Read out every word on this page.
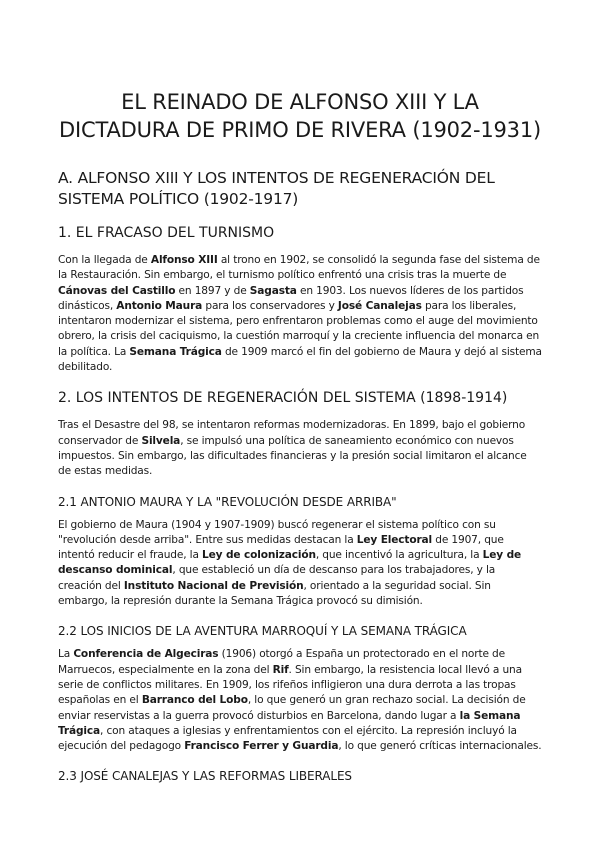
EL REINADO DE ALFONSO XIII Y LA DICTADURA DE PRIMO DE RIVERA (1902-1931)
A. ALFONSO XIII Y LOS INTENTOS DE REGENERACIÓN DEL SISTEMA POLÍTICO (1902-1917)
1. EL FRACASO DEL TURNISMO

Con la llegada de Alfonso XIII al trono en 1902, se consolidó la segunda fase del sistema de la Restauración. Sin embargo, el turnismo político enfrentó una crisis tras la muerte de Cánovas del Castillo en 1897 y de Sagasta en 1903. Los nuevos líderes de los partidos dinásticos, Antonio Maura para los conservadores y José Canalejas para los liberales, intentaron modernizar el sistema, pero enfrentaron problemas como el auge del movimiento obrero, la crisis del caciquismo, la cuestión marroquí y la creciente influencia del monarca en la política. La Semana Trágica de 1909 marcó el fin del gobierno de Maura y dejó al sistema debilitado.

2. LOS INTENTOS DE REGENERACIÓN DEL SISTEMA (1898-1914)

Tras el Desastre del 98, se intentaron reformas modernizadoras. En 1899, bajo el gobierno conservador de Silvela, se impulsó una política de saneamiento económico con nuevos impuestos. Sin embargo, las dificultades financieras y la presión social limitaron el alcance de estas medidas.

2.1 ANTONIO MAURA Y LA "REVOLUCIÓN DESDE ARRIBA"

El gobierno de Maura (1904 y 1907-1909) buscó regenerar el sistema político con su "revolución desde arriba". Entre sus medidas destacan la Ley Electoral de 1907, que intentó reducir el fraude, la Ley de colonización, que incentivó la agricultura, la Ley de descanso dominical, que estableció un día de descanso para los trabajadores, y la creación del Instituto Nacional de Previsión, orientado a la seguridad social. Sin embargo, la represión durante la Semana Trágica provocó su dimisión.

2.2 LOS INICIOS DE LA AVENTURA MARROQUÍ Y LA SEMANA TRÁGICA

La Conferencia de Algeciras (1906) otorgó a España un protectorado en el norte de Marruecos, especialmente en la zona del Rif. Sin embargo, la resistencia local llevó a una serie de conflictos militares. En 1909, los rifeños infligieron una dura derrota a las tropas españolas en el Barranco del Lobo, lo que generó un gran rechazo social. La decisión de enviar reservistas a la guerra provocó disturbios en Barcelona, dando lugar a la Semana Trágica, con ataques a iglesias y enfrentamientos con el ejército. La represión incluyó la ejecución del pedagogo Francisco Ferrer y Guardia, lo que generó críticas internacionales.

2.3 JOSÉ CANALEJAS Y LAS REFORMAS LIBERALES
